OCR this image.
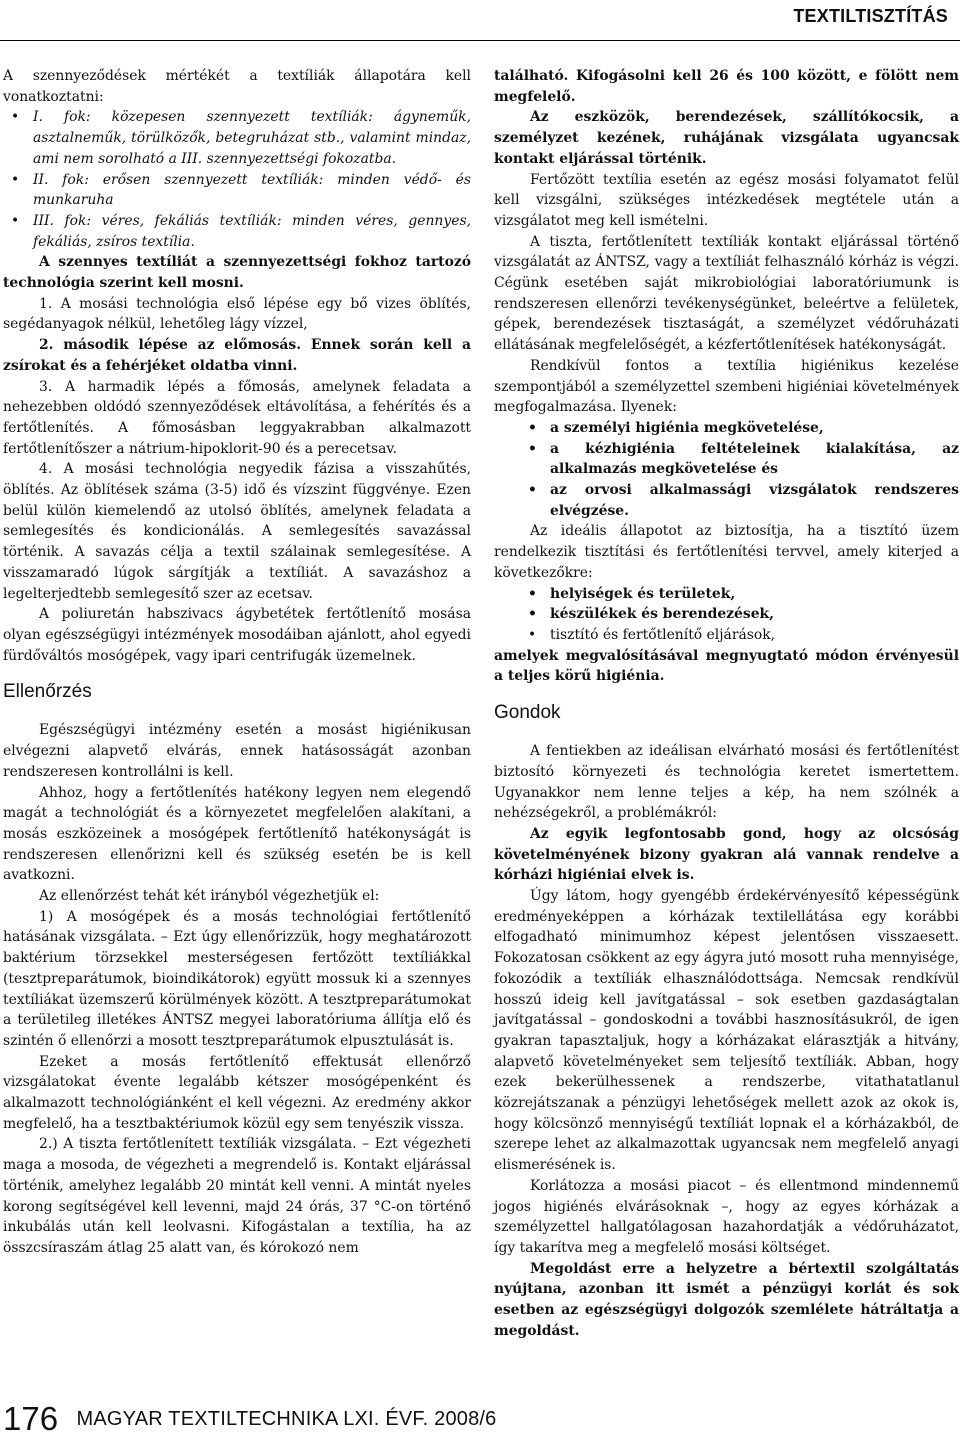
TEXTILTISZTÍTÁS

A szennyeződések mértékét a textíliák állapotára kell vonatkoztatni:

• I. fok: közepesen szennyezett textíliák: ágyneműk, asztalneműk, törülközők, betegruházat stb., valamint mindaz, ami nem sorolható a III. szennyezettségi fokozatba.
• II. fok: erősen szennyezett textíliák: minden védő- és munkaruha
• III. fok: véres, fekáliás textíliák: minden véres, gennyes, fekáliás, zsíros textília.

A szennyes textíliát a szennyezettségi fokhoz tartozó technológia szerint kell mosni.

1. A mosási technológia első lépése egy bő vizes öblítés, segédanyagok nélkül, lehetőleg lágy vízzel,

2. második lépése az előmosás. Ennek során kell a zsírokat és a fehérjéket oldatba vinni.

3. A harmadik lépés a főmosás, amelynek feladata a nehezebben oldódó szennyeződések eltávolítása, a fehérítés és a fertőtlenítés. A főmosásban leggyakrabban alkalmazott fertőtlenítőszer a nátrium-hipoklorit-90 és a perecetsav.

4. A mosási technológia negyedik fázisa a visszahűtés, öblítés. Az öblítések száma (3-5) idő és vízszint függvénye. Ezen belül külön kiemelendő az utolsó öblítés, amelynek feladata a semlegesítés és kondicionálás. A semlegesítés savazással történik. A savazás célja a textil szálainak semlegesítése. A visszamaradó lúgok sárgítják a textíliát. A savazáshoz a legelterjedtebb semlegesítő szer az ecetsav.

A poliuretán habszivacs ágybetétek fertőtlenítő mosása olyan egészségügyi intézmények mosodáiban ajánlott, ahol egyedi fürdőváltós mosógépek, vagy ipari centrifugák üzemelnek.

Ellenőrzés

Egészségügyi intézmény esetén a mosást higiénikusan elvégezni alapvető elvárás, ennek hatásosságát azonban rendszeresen kontrollálni is kell.

Ahhoz, hogy a fertőtlenítés hatékony legyen nem elegendő magát a technológiát és a környezetet megfelelően alakítani, a mosás eszközeinek a mosógépek fertőtlenítő hatékonyságát is rendszeresen ellenőrizni kell és szükség esetén be is kell avatkozni.

Az ellenőrzést tehát két irányból végezhetjük el:

1) A mosógépek és a mosás technológiai fertőtlenítő hatásának vizsgálata. – Ezt úgy ellenőrizzük, hogy meghatározott baktérium törzsekkel mesterségesen fertőzött textíliákkal (tesztpreparátumok, bioindikátorok) együtt mossuk ki a szennyes textíliákat üzemszerű körülmények között. A tesztpreparátumokat a területileg illetékes ÁNTSZ megyei laboratóriuma állítja elő és szintén ő ellenőrzi a mosott tesztpreparátumok elpusztulását is.

Ezeket a mosás fertőtlenítő effektusát ellenőrző vizsgálatokat évente legalább kétszer mosógépenként és alkalmazott technológiánként el kell végezni. Az eredmény akkor megfelelő, ha a tesztbaktériumok közül egy sem tenyészik vissza.

2.) A tiszta fertőtlenített textíliák vizsgálata. – Ezt végezheti maga a mosoda, de végezheti a megrendelő is. Kontakt eljárással történik, amelyhez legalább 20 mintát kell venni. A mintát nyeles korong segítségével kell levenni, majd 24 órás, 37 °C-on történő inkubálás után kell leolvasni. Kifogástalan a textília, ha az összcsíraszám átlag 25 alatt van, és kórokozó nem

található. Kifogásolni kell 26 és 100 között, e fölött nem megfelelő.

Az eszközök, berendezések, szállítókocsik, a személyzet kezének, ruhájának vizsgálata ugyancsak kontakt eljárással történik.

Fertőzött textília esetén az egész mosási folyamatot felül kell vizsgálni, szükséges intézkedések megtétele után a vizsgálatot meg kell ismételni.

A tiszta, fertőtlenített textíliák kontakt eljárással történő vizsgálatát az ÁNTSZ, vagy a textíliát felhasználó kórház is végzi. Cégünk esetében saját mikrobiológiai laboratóriumunk is rendszeresen ellenőrzi tevékenységünket, beleértve a felületek, gépek, berendezések tisztaságát, a személyzet védőruházati ellátásának megfelelőségét, a kézfertőtlenítések hatékonyságát.

Rendkívül fontos a textília higiénikus kezelése szempontjából a személyzettel szembeni higiéniai követelmények megfogalmazása. Ilyenek:

• a személyi higiénia megkövetelése,
• a kézhigiénia feltételeinek kialakítása, az alkalmazás megkövetelése és
• az orvosi alkalmassági vizsgálatok rendszeres elvégzése.

Az ideális állapotot az biztosítja, ha a tisztító üzem rendelkezik tisztítási és fertőtlenítési tervvel, amely kiterjed a következőkre:

• helyiségek és területek,
• készülékek és berendezések,
• tisztító és fertőtlenítő eljárások,

amelyek megvalósításával megnyugtató módon érvényesül a teljes körű higiénia.

Gondok

A fentiekben az ideálisan elvárható mosási és fertőtlenítést biztosító környezeti és technológia keretet ismertettem. Ugyanakkor nem lenne teljes a kép, ha nem szólnék a nehézségekről, a problémákról:

Az egyik legfontosabb gond, hogy az olcsóság követelményének bizony gyakran alá vannak rendelve a kórházi higiéniai elvek is.

Úgy látom, hogy gyengébb érdekérvényesítő képességünk eredményeképpen a kórházak textilellátása egy korábbi elfogadható minimumhoz képest jelentősen visszaesett. Fokozatosan csökkent az egy ágyra jutó mosott ruha mennyisége, fokozódik a textíliák elhasználódottsága. Nemcsak rendkívül hosszú ideig kell javítgatással – sok esetben gazdaságtalan javítgatással – gondoskodni a további hasznosításukról, de igen gyakran tapasztaljuk, hogy a kórházakat elárasztják a hitvány, alapvető követelményeket sem teljesítő textíliák. Abban, hogy ezek bekerülhessenek a rendszerbe, vitathatatlanul közrejátszanak a pénzügyi lehetőségek mellett azok az okok is, hogy kölcsönző mennyiségű textíliát lopnak el a kórházakból, de szerepe lehet az alkalmazottak ugyancsak nem megfelelő anyagi elismerésének is.

Korlátozza a mosási piacot – és ellentmond mindennemű jogos higiénés elvárásoknak –, hogy az egyes kórházak a személyzettel hallgatólagosan hazahordatják a védőruházatot, így takarítva meg a megfelelő mosási költséget.

Megoldást erre a helyzetre a bértextil szolgáltatás nyújtana, azonban itt ismét a pénzügyi korlát és sok esetben az egészségügyi dolgozók szemlélete hátráltatja a megoldást.

176 MAGYAR TEXTILTECHNIKA LXI. ÉVF. 2008/6
